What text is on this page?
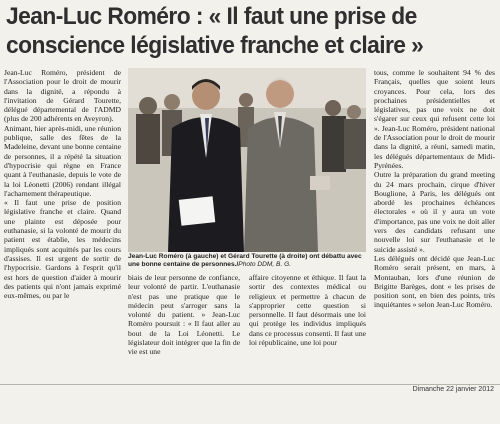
Jean-Luc Roméro : « Il faut une prise de conscience législative franche et claire »

Jean-Luc Roméro, président de l'Association pour le droit de mourir dans la dignité, a répondu à l'invitation de Gérard Tourette, délégué départemental de l'ADMD (plus de 200 adhérents en Aveyron).

Animant, hier après-midi, une réunion publique, salle des fêtes de la Madeleine, devant une bonne centaine de personnes, il a répété la situation d'hypocrisie qui règne en France quant à l'euthanasie, depuis le vote de la loi Léonetti (2006) rendant illégal l'acharnement thérapeutique.

« Il faut une prise de position législative franche et claire. Quand une plainte est déposée pour euthanasie, si la volonté de mourir du patient est établie, les médecins impliqués sont acquittés par les cours d'assises. Il est urgent de sortir de l'hypocrisie. Gardons à l'esprit qu'il est hors de question d'aider à mourir des patients qui n'ont jamais exprimé eux-mêmes, ou par le

Jean-Luc Roméro (à gauche) et Gérard Tourette (à droite) ont débattu avec une bonne centaine de personnes./Photo DDM, B. G.

biais de leur personne de confiance, leur volonté de partir. L'euthanasie n'est pas une pratique que le médecin peut s'arroger sans la volonté du patient. » Jean-Luc Roméro poursuit : « Il faut aller au bout de la Loi Léonetti. Le législateur doit intégrer que la fin de vie est une

affaire citoyenne et éthique. Il faut la sortir des contextes médical ou religieux et permettre à chacun de s'approprier cette question si personnelle. Il faut désormais une loi qui protège les individus impliqués dans ce processus consenti. Il faut une loi républicaine, une loi pour

tous, comme le souhaitent 94 % des Français, quelles que soient leurs croyances. Pour cela, lors des prochaines présidentielles et législatives, pas une voix ne doit s'égarer sur ceux qui refusent cette loi ». Jean-Luc Roméro, président national de l'Association pour le droit de mourir dans la dignité, a réuni, samedi matin, les délégués départementaux de Midi-Pyrénées.

Outre la préparation du grand meeting du 24 mars prochain, cirque d'hiver Bouglione, à Paris, les délégués ont abordé les prochaines échéances électorales « où il y aura un vote d'importance, pas une voix ne doit aller vers des candidats refusant une nouvelle loi sur l'euthanasie et le suicide assisté ».

Les délégués ont décidé que Jean-Luc Roméro serait présent, en mars, à Montauban, lors d'une réunion de Brigitte Barèges, dont « les prises de position sont, en bien des points, très inquiétantes » selon Jean-Luc Roméro.

Dimanche 22 janvier 2012
